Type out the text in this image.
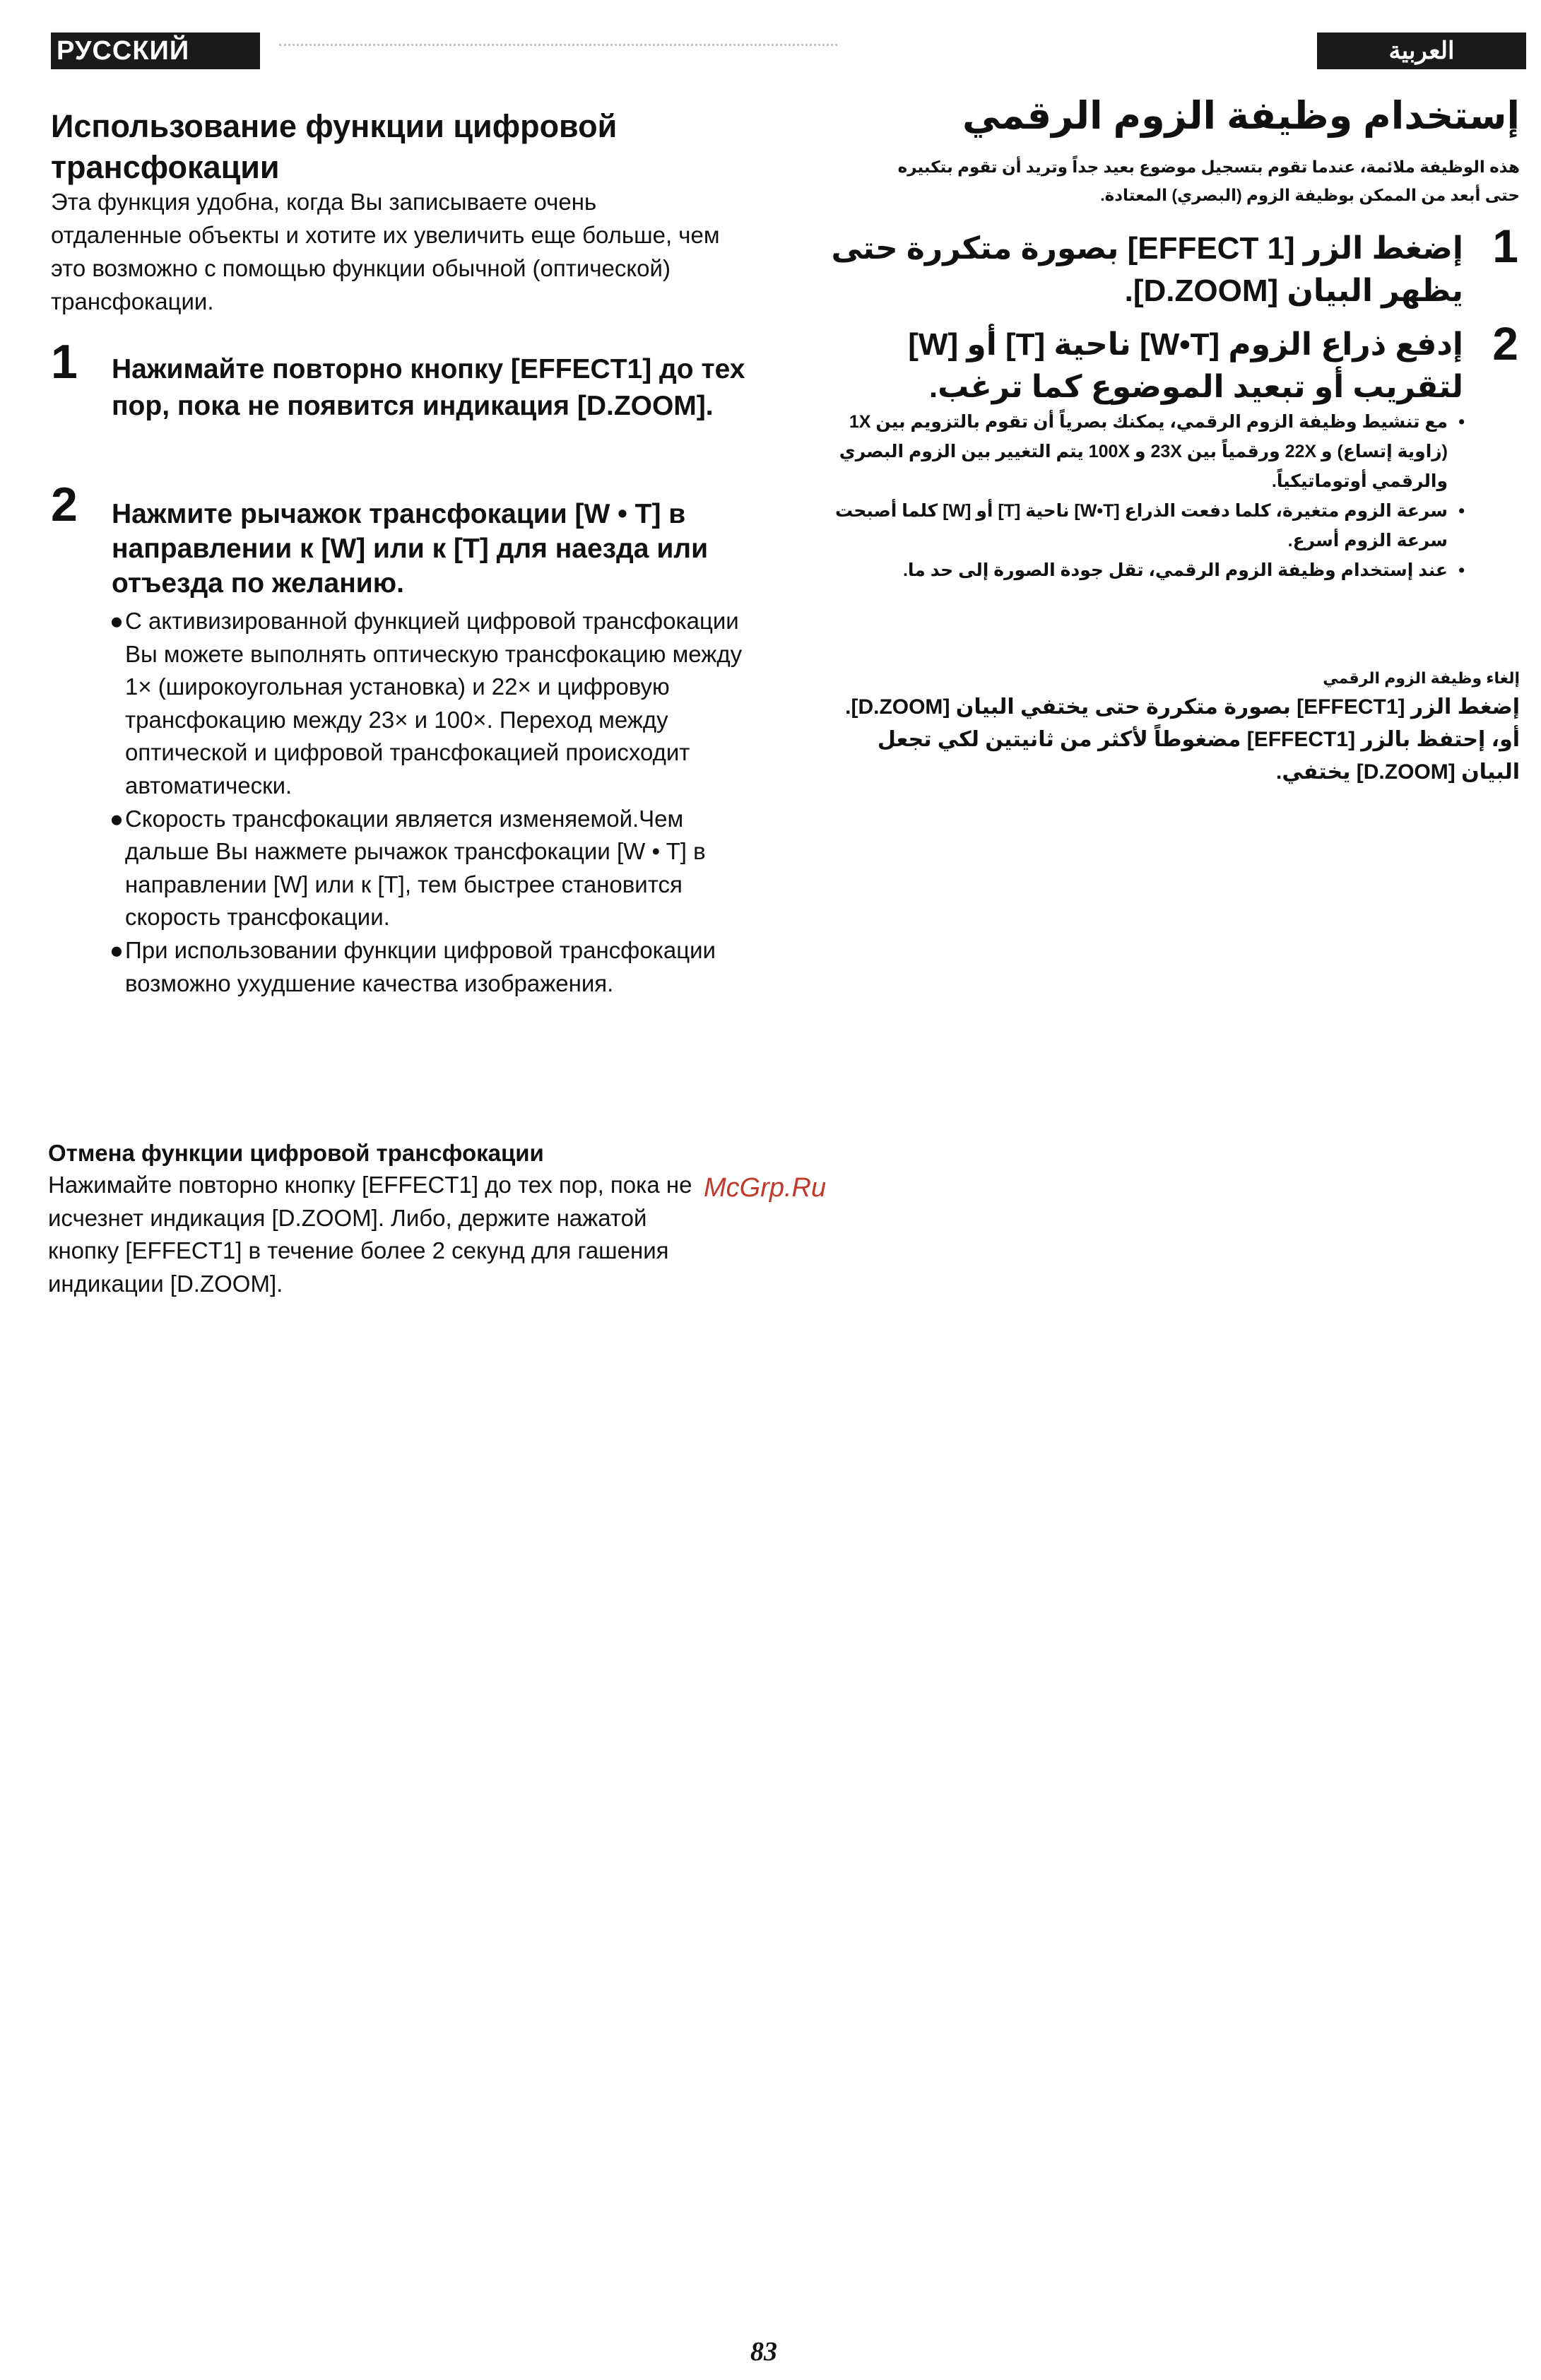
РУССКИЙ ЯЗЫК
العربية
Использование функции цифровой трансфокации
Эта функция удобна, когда Вы записываете очень отдаленные объекты и хотите их увеличить еще больше, чем это возможно с помощью функции обычной (оптической) трансфокации.
1 Нажимайте повторно кнопку [EFFECT1] до тех пор, пока не появится индикация [D.ZOOM].
2 Нажмите рычажок трансфокации [W • T] в направлении к [W] или к [T] для наезда или отъезда по желанию.

● С активизированной функцией цифровой трансфокации Вы можете выполнять оптическую трансфокацию между 1× (широкоугольная установка) и 22× и цифровую трансфокацию между 23× и 100×. Переход между оптической и цифровой трансфокацией происходит автоматически.

● Скорость трансфокации является изменяемой.Чем дальше Вы нажмете рычажок трансфокации [W • T] в направлении [W] или к [T], тем быстрее становится скорость трансфокации.

● При использовании функции цифровой трансфокации возможно ухудшение качества изображения.

Отмена функции цифровой трансфокации
Нажимайте повторно кнопку [EFFECT1] до тех пор, пока не исчезнет индикация [D.ZOOM]. Либо, держите нажатой кнопку [EFFECT1] в течение более 2 секунд для гашения индикации [D.ZOOM].
McGrp.Ru
إستخدام وظيفة الزوم الرقمي
هذه الوظيفة ملائمة، عندما تقوم بتسجيل موضوع بعيد جداً وتريد أن تقوم بتكبيره حتى أبعد من الممكن بوظيفة الزوم (البصري) المعتادة.
1
إضغط الزر [EFFECT 1] بصورة متكررة حتى يظهر البيان [D.ZOOM].
2
إدفع ذراع الزوم [W•T] ناحية [T] أو [W] لتقريب أو تبعيد الموضوع كما ترغب.

•
مع تنشيط وظيفة الزوم الرقمي، يمكنك بصرياً أن تقوم بالتزويم بين 1X (زاوية إتساع) و 22X ورقمياً بين 23X و 100X يتم التغيير بين الزوم البصري والرقمي أوتوماتيكياً.

•
سرعة الزوم متغيرة، كلما دفعت الذراع [W•T] ناحية [T] أو [W] كلما أصبحت سرعة الزوم أسرع.

•
عند إستخدام وظيفة الزوم الرقمي، تقل جودة الصورة إلى حد ما.

إلغاء وظيفة الزوم الرقمي
إضغط الزر [EFFECT1] بصورة متكررة حتى يختفي البيان [D.ZOOM]. أو، إحتفظ بالزر [EFFECT1] مضغوطاً لأكثر من ثانيتين لكي تجعل البيان [D.ZOOM] يختفي.
83
